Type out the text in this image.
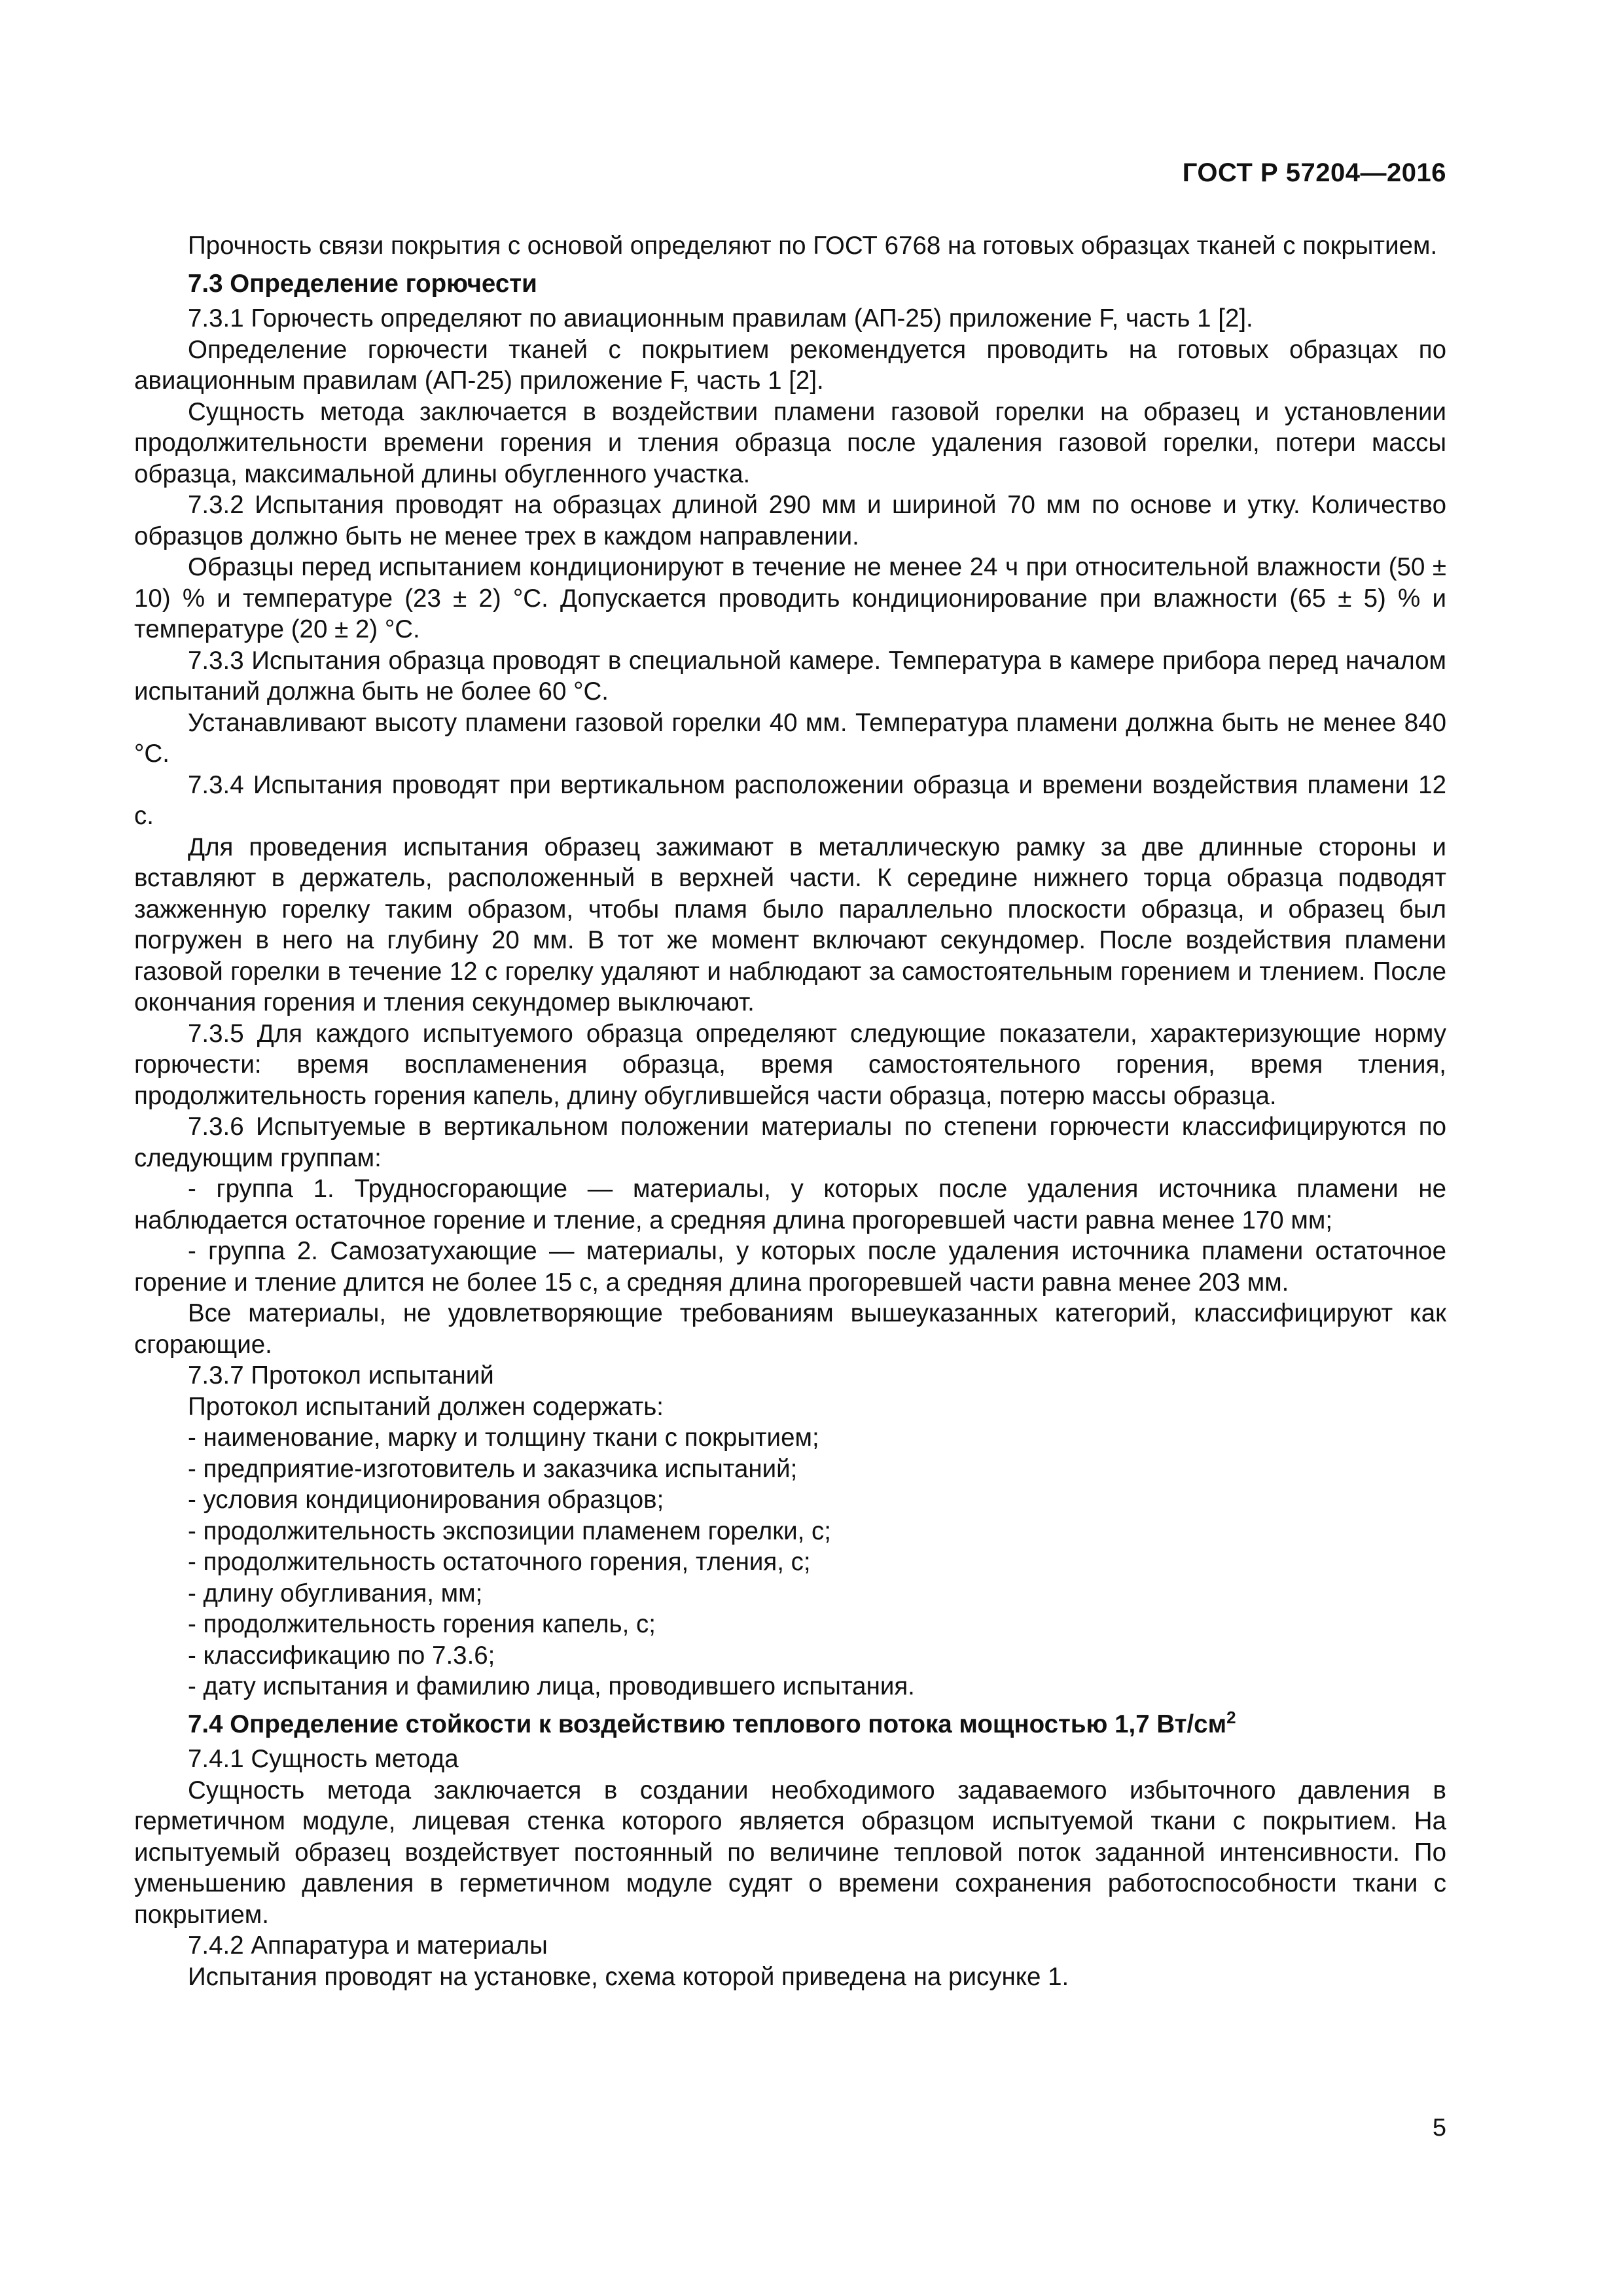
ГОСТ Р 57204—2016

Прочность связи покрытия с основой определяют по ГОСТ 6768 на готовых образцах тканей с покрытием.

7.3 Определение горючести

7.3.1 Горючесть определяют по авиационным правилам (АП-25) приложение F, часть 1 [2].

Определение горючести тканей с покрытием рекомендуется проводить на готовых образцах по авиационным правилам (АП-25) приложение F, часть 1 [2].

Сущность метода заключается в воздействии пламени газовой горелки на образец и установлении продолжительности времени горения и тления образца после удаления газовой горелки, потери массы образца, максимальной длины обугленного участка.

7.3.2 Испытания проводят на образцах длиной 290 мм и шириной 70 мм по основе и утку. Количество образцов должно быть не менее трех в каждом направлении.

Образцы перед испытанием кондиционируют в течение не менее 24 ч при относительной влажности (50 ± 10) % и температуре (23 ± 2) °С. Допускается проводить кондиционирование при влажности (65 ± 5) % и температуре (20 ± 2) °С.

7.3.3 Испытания образца проводят в специальной камере. Температура в камере прибора перед началом испытаний должна быть не более 60 °С.

Устанавливают высоту пламени газовой горелки 40 мм. Температура пламени должна быть не менее 840 °С.

7.3.4 Испытания проводят при вертикальном расположении образца и времени воздействия пламени 12 с.

Для проведения испытания образец зажимают в металлическую рамку за две длинные стороны и вставляют в держатель, расположенный в верхней части. К середине нижнего торца образца подводят зажженную горелку таким образом, чтобы пламя было параллельно плоскости образца, и образец был погружен в него на глубину 20 мм. В тот же момент включают секундомер. После воздействия пламени газовой горелки в течение 12 с горелку удаляют и наблюдают за самостоятельным горением и тлением. После окончания горения и тления секундомер выключают.

7.3.5 Для каждого испытуемого образца определяют следующие показатели, характеризующие норму горючести: время воспламенения образца, время самостоятельного горения, время тления, продолжительность горения капель, длину обуглившейся части образца, потерю массы образца.

7.3.6 Испытуемые в вертикальном положении материалы по степени горючести классифицируются по следующим группам:

- группа 1. Трудносгорающие — материалы, у которых после удаления источника пламени не наблюдается остаточное горение и тление, а средняя длина прогоревшей части равна менее 170 мм;

- группа 2. Самозатухающие — материалы, у которых после удаления источника пламени остаточное горение и тление длится не более 15 с, а средняя длина прогоревшей части равна менее 203 мм.

Все материалы, не удовлетворяющие требованиям вышеуказанных категорий, классифицируют как сгорающие.

7.3.7 Протокол испытаний

Протокол испытаний должен содержать:

- наименование, марку и толщину ткани с покрытием;

- предприятие-изготовитель и заказчика испытаний;

- условия кондиционирования образцов;

- продолжительность экспозиции пламенем горелки, с;

- продолжительность остаточного горения, тления, с;

- длину обугливания, мм;

- продолжительность горения капель, с;

- классификацию по 7.3.6;

- дату испытания и фамилию лица, проводившего испытания.

7.4 Определение стойкости к воздействию теплового потока мощностью 1,7 $Вт/см^2$

7.4.1 Сущность метода

Сущность метода заключается в создании необходимого задаваемого избыточного давления в герметичном модуле, лицевая стенка которого является образцом испытуемой ткани с покрытием. На испытуемый образец воздействует постоянный по величине тепловой поток заданной интенсивности. По уменьшению давления в герметичном модуле судят о времени сохранения работоспособности ткани с покрытием.

7.4.2 Аппаратура и материалы

Испытания проводят на установке, схема которой приведена на рисунке 1.

5
